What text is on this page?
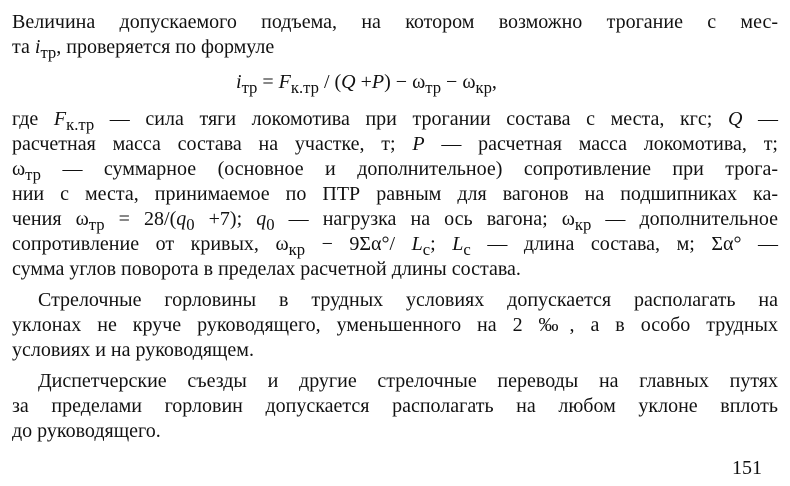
Величина допускаемого подъема, на котором возможно трогание с мес-
та $i_{тр}$, проверяется по формуле
$i_{тр} = F_{к.тр} / (Q +P) - \omega_{тр} - \omega_{кр}$,
где $F_{к.тр}$ — сила тяги локомотива при трогании состава с места, кгс; Q —
расчетная масса состава на участке, т; P — расчетная масса локомотива, т;
$\omega_{тр}$ — суммарное (основное и дополнительное) сопротивление при трога-
нии с места, принимаемое по ПТР равным для вагонов на подшипниках ка-
чения $\omega_{тр} = 28/(q_0 +7)$; $q_0$ — нагрузка на ось вагона; $\omega_{кр}$ — дополнительное
сопротивление от кривых, $\omega_{кр} - 9\Sigma\alpha^\circ/$ $L_с$; $L_с$ — длина состава, м; Σα° —
сумма углов поворота в пределах расчетной длины состава.
Стрелочные горловины в трудных условиях допускается располагать на
уклонах не круче руководящего, уменьшенного на 2 ‰, а в особо трудных
условиях и на руководящем.
Диспетчерские съезды и другие стрелочные переводы на главных путях
за пределами горловин допускается располагать на любом уклоне вплоть
до руководящего.
151
